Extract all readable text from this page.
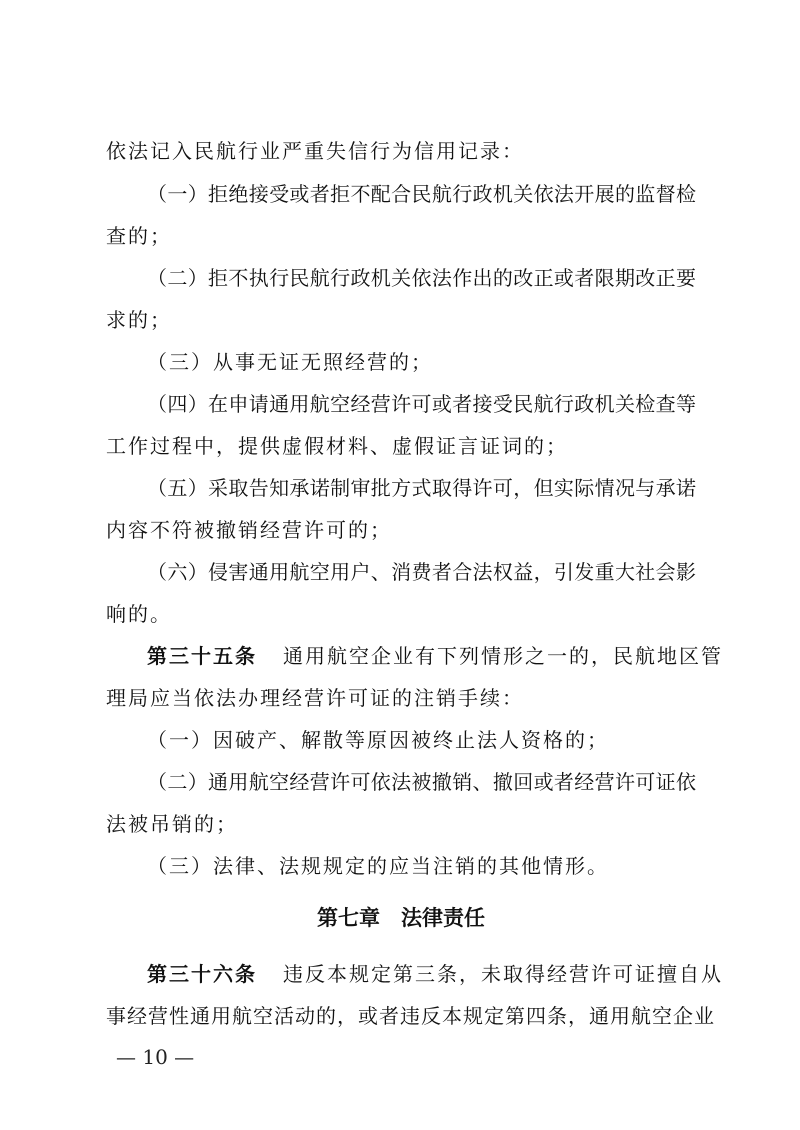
依法记入民航行业严重失信行为信用记录：
（一）拒绝接受或者拒不配合民航行政机关依法开展的监督检
查的；
（二）拒不执行民航行政机关依法作出的改正或者限期改正要
求的；
（三）从事无证无照经营的；
（四）在申请通用航空经营许可或者接受民航行政机关检查等
工作过程中，提供虚假材料、虚假证言证词的；
（五）采取告知承诺制审批方式取得许可，但实际情况与承诺
内容不符被撤销经营许可的；
（六）侵害通用航空用户、消费者合法权益，引发重大社会影
响的。
第三十五条 通用航空企业有下列情形之一的，民航地区管
理局应当依法办理经营许可证的注销手续：
（一）因破产、解散等原因被终止法人资格的；
（二）通用航空经营许可依法被撤销、撤回或者经营许可证依
法被吊销的；
（三）法律、法规规定的应当注销的其他情形。
第七章　法律责任
第三十六条 违反本规定第三条，未取得经营许可证擅自从
事经营性通用航空活动的，或者违反本规定第四条，通用航空企业
— 10 —
